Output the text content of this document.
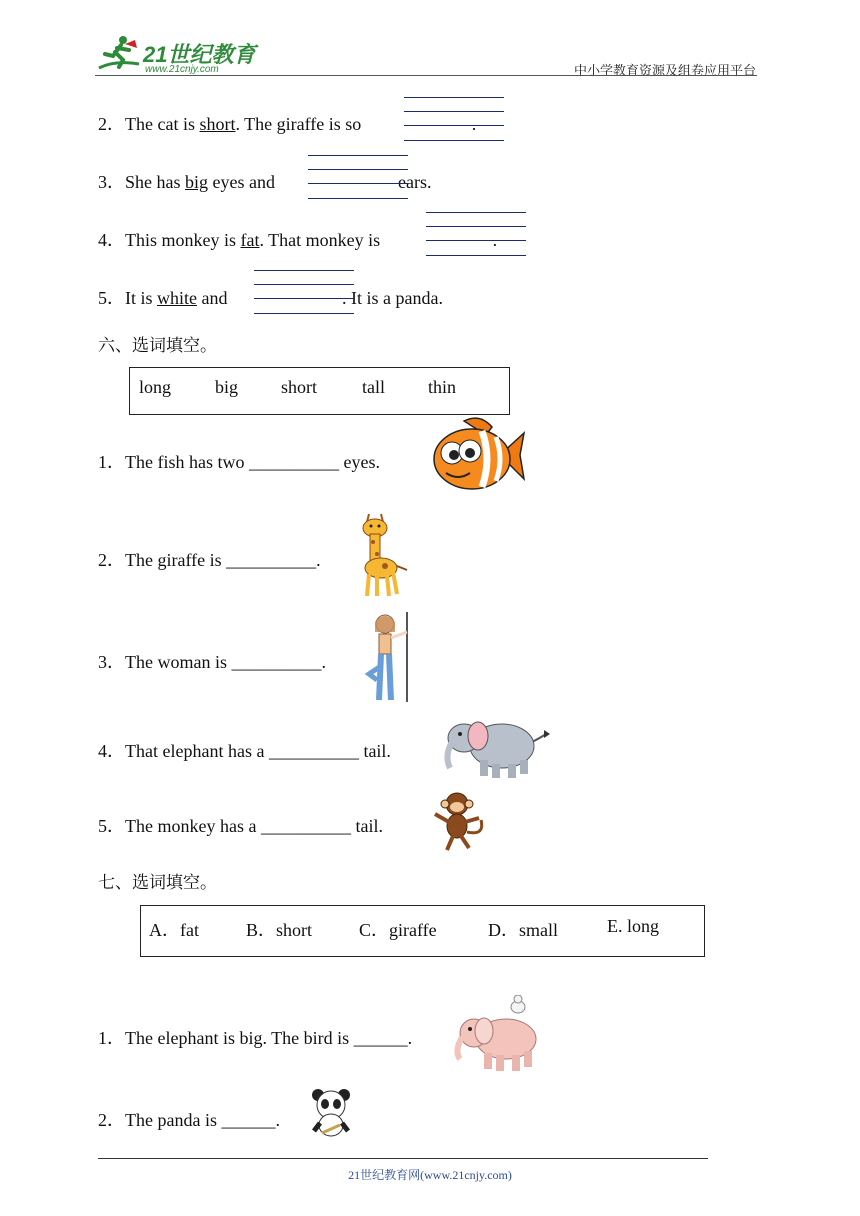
21世纪教育
www.21cnjy.com	中小学教育资源及组卷应用平台
2．The cat is short. The giraffe is so	.
3．She has big eyes and	ears.
4．This monkey is fat. That monkey is	.
5．It is white and	. It is a panda.
六、选词填空。
long big short	tall thin
1．The fish has two __________ eyes.
2．The giraffe is __________.
3．The woman is __________.
4．That elephant has a __________ tail.
5．The monkey has a __________ tail.
七、选词填空。
A．fat	B．short	C．giraffe	D．small	E. long
1．The elephant is big. The bird is ______.
2．The panda is ______.
21世纪教育网(www.21cnjy.com)
